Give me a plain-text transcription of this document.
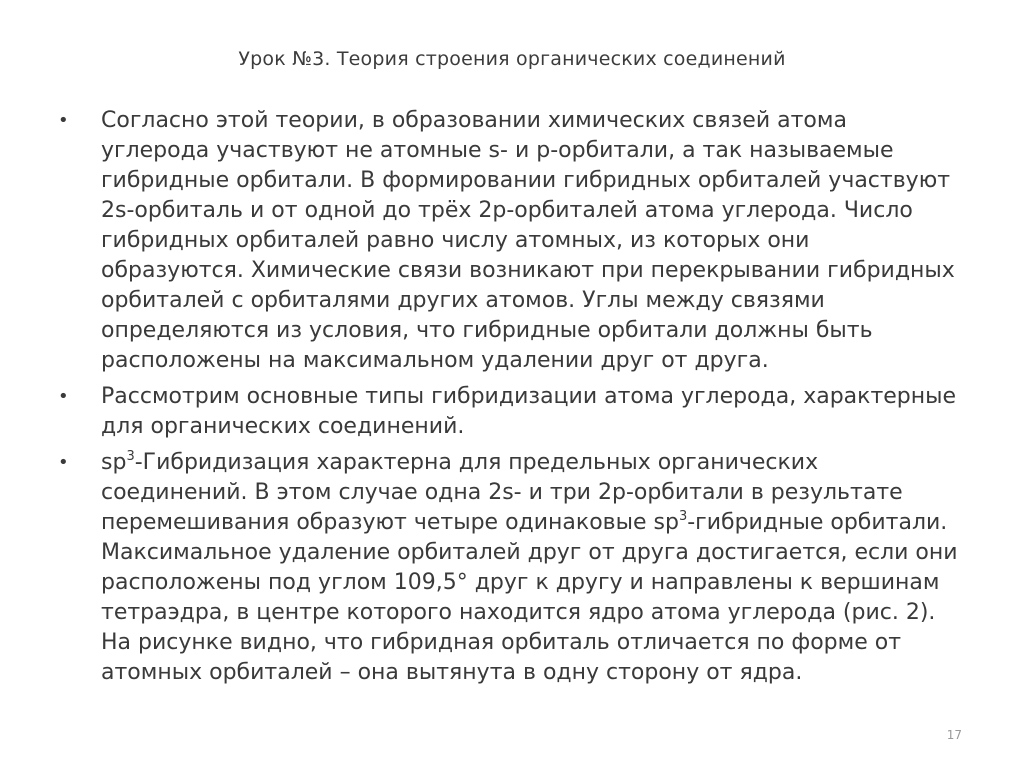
Урок №3. Теория строения органических соединений
• Согласно этой теории, в образовании химических связей атома углерода участвуют не атомные s- и р-орбитали, а так называемые гибридные орбитали. В формировании гибридных орбиталей участвуют 2s-орбиталь и от одной до трёх 2р-орбиталей атома углерода. Число гибридных орбиталей равно числу атомных, из которых они образуются. Химические связи возникают при перекрывании гибридных орбиталей с орбиталями других атомов. Углы между связями определяются из условия, что гибридные орбитали должны быть расположены на максимальном удалении друг от друга.
• Рассмотрим основные типы гибридизации атома углерода, характерные для органических соединений.
• $sp^3$-Гибридизация характерна для предельных органических соединений. В этом случае одна 2s- и три 2р-орбитали в результате перемешивания образуют четыре одинаковые $sp^3$-гибридные орбитали. Максимальное удаление орбиталей друг от друга достигается, если они расположены под углом 109,5° друг к другу и направлены к вершинам тетраэдра, в центре которого находится ядро атома углерода (рис. 2). На рисунке видно, что гибридная орбиталь отличается по форме от атомных орбиталей – она вытянута в одну сторону от ядра.
17
